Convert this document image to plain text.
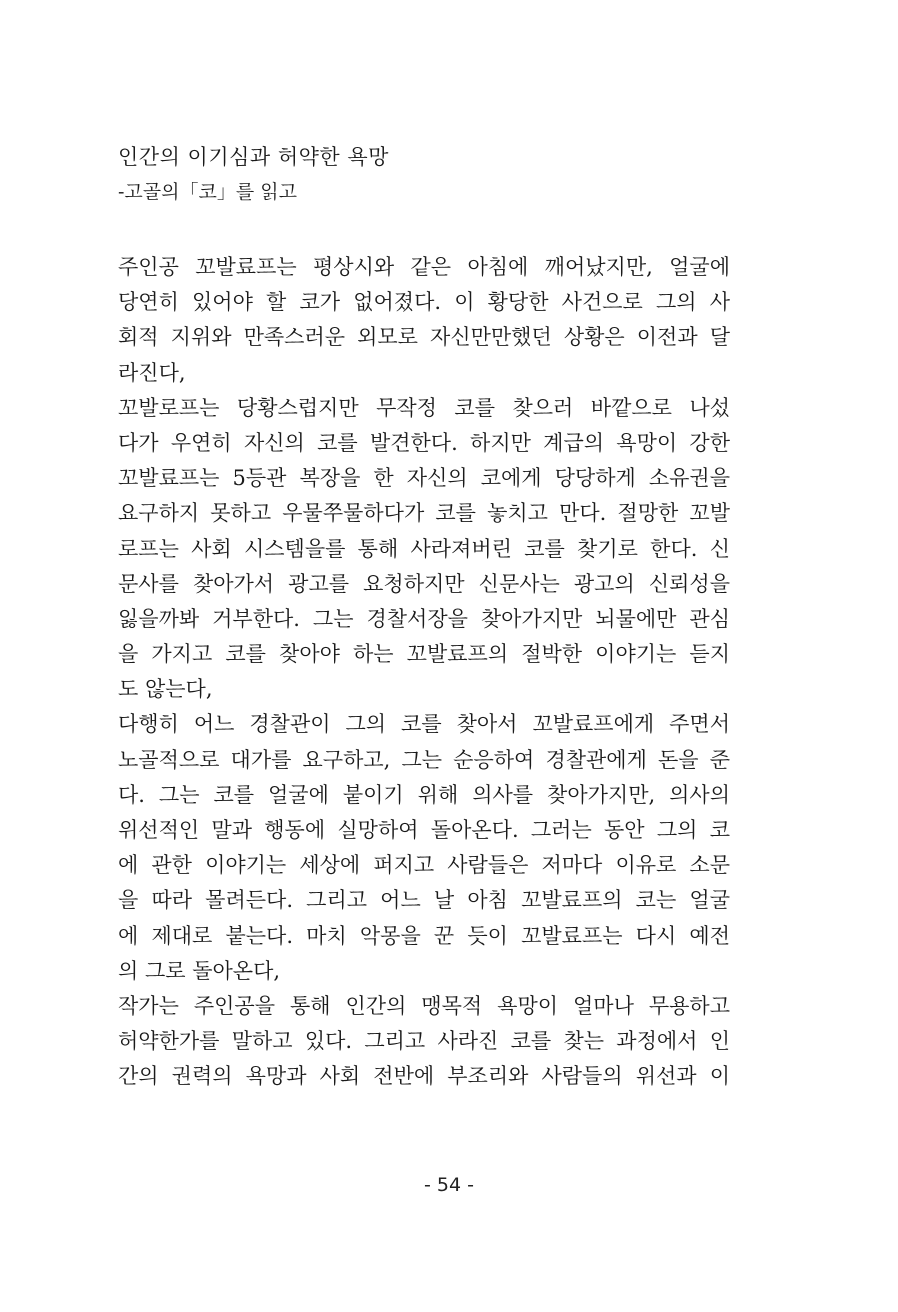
인간의 이기심과 허약한 욕망
-고골의「코」를 읽고
주인공 꼬발료프는 평상시와 같은 아침에 깨어났지만, 얼굴에
당연히 있어야 할 코가 없어졌다. 이 황당한 사건으로 그의 사
회적 지위와 만족스러운 외모로 자신만만했던 상황은 이전과 달
라진다,
꼬발로프는 당황스럽지만 무작정 코를 찾으러 바깥으로 나섰
다가 우연히 자신의 코를 발견한다. 하지만 계급의 욕망이 강한
꼬발료프는 5등관 복장을 한 자신의 코에게 당당하게 소유권을
요구하지 못하고 우물쭈물하다가 코를 놓치고 만다. 절망한 꼬발
로프는 사회 시스템을를 통해 사라져버린 코를 찾기로 한다. 신
문사를 찾아가서 광고를 요청하지만 신문사는 광고의 신뢰성을
잃을까봐 거부한다. 그는 경찰서장을 찾아가지만 뇌물에만 관심
을 가지고 코를 찾아야 하는 꼬발료프의 절박한 이야기는 듣지
도 않는다,
다행히 어느 경찰관이 그의 코를 찾아서 꼬발료프에게 주면서
노골적으로 대가를 요구하고, 그는 순응하여 경찰관에게 돈을 준
다. 그는 코를 얼굴에 붙이기 위해 의사를 찾아가지만, 의사의
위선적인 말과 행동에 실망하여 돌아온다. 그러는 동안 그의 코
에 관한 이야기는 세상에 퍼지고 사람들은 저마다 이유로 소문
을 따라 몰려든다. 그리고 어느 날 아침 꼬발료프의 코는 얼굴
에 제대로 붙는다. 마치 악몽을 꾼 듯이 꼬발료프는 다시 예전
의 그로 돌아온다,
작가는 주인공을 통해 인간의 맹목적 욕망이 얼마나 무용하고
허약한가를 말하고 있다. 그리고 사라진 코를 찾는 과정에서 인
간의 권력의 욕망과 사회 전반에 부조리와 사람들의 위선과 이
- 54 -
